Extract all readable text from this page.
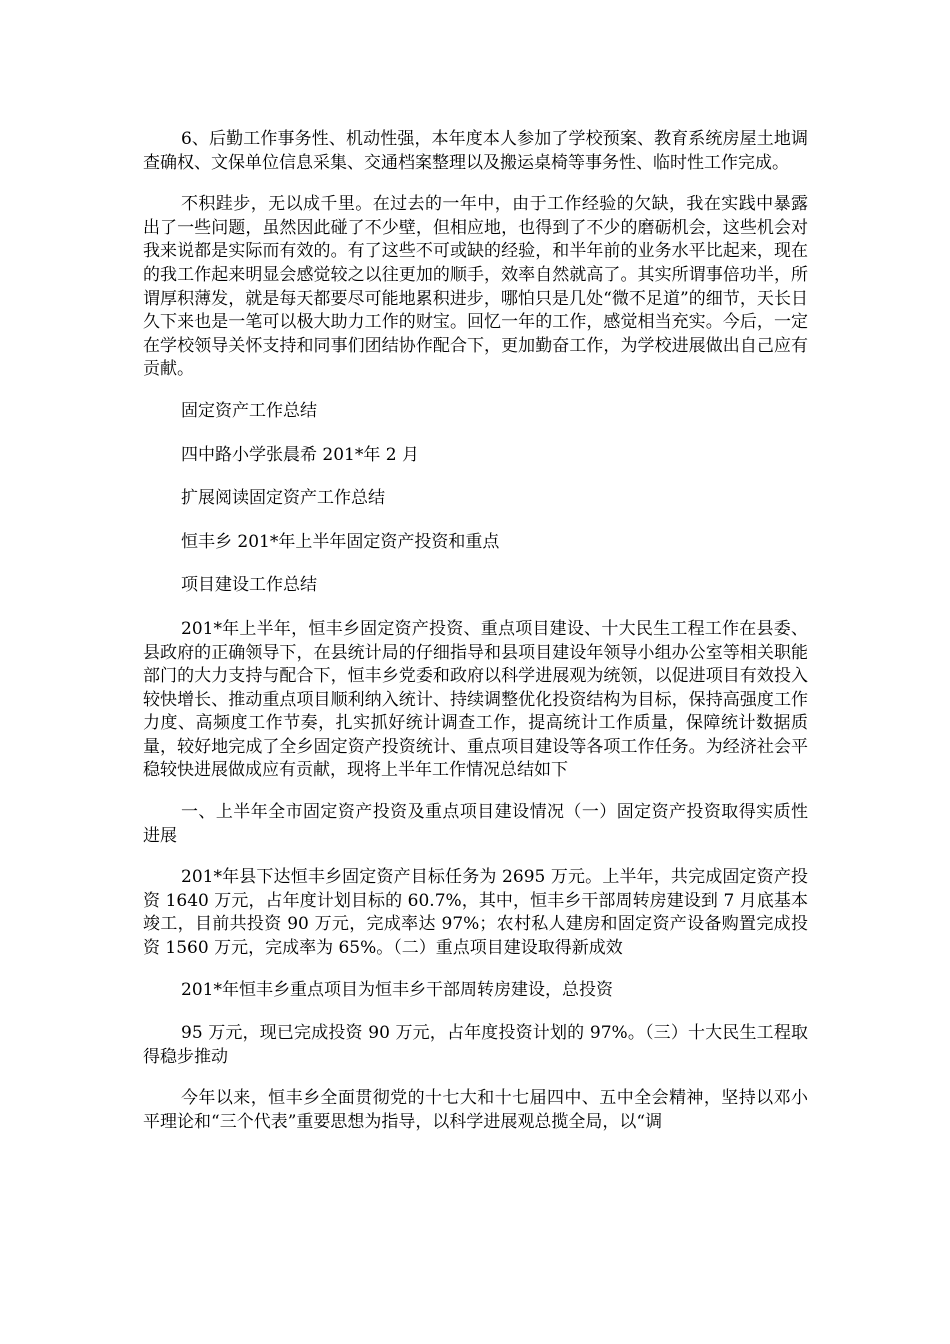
6、后勤工作事务性、机动性强，本年度本人参加了学校预案、教育系统房屋土地调查确权、文保单位信息采集、交通档案整理以及搬运桌椅等事务性、临时性工作完成。

不积跬步，无以成千里。在过去的一年中，由于工作经验的欠缺，我在实践中暴露出了一些问题，虽然因此碰了不少壁，但相应地，也得到了不少的磨砺机会，这些机会对我来说都是实际而有效的。有了这些不可或缺的经验，和半年前的业务水平比起来，现在的我工作起来明显会感觉较之以往更加的顺手，效率自然就高了。其实所谓事倍功半，所谓厚积薄发，就是每天都要尽可能地累积进步，哪怕只是几处“微不足道”的细节，天长日久下来也是一笔可以极大助力工作的财宝。回忆一年的工作，感觉相当充实。今后，一定在学校领导关怀支持和同事们团结协作配合下，更加勤奋工作，为学校进展做出自己应有贡献。

固定资产工作总结

四中路小学张晨希 201*年 2 月

扩展阅读固定资产工作总结

恒丰乡 201*年上半年固定资产投资和重点

项目建设工作总结

201*年上半年，恒丰乡固定资产投资、重点项目建设、十大民生工程工作在县委、县政府的正确领导下，在县统计局的仔细指导和县项目建设年领导小组办公室等相关职能部门的大力支持与配合下，恒丰乡党委和政府以科学进展观为统领，以促进项目有效投入较快增长、推动重点项目顺利纳入统计、持续调整优化投资结构为目标，保持高强度工作力度、高频度工作节奏，扎实抓好统计调查工作，提高统计工作质量，保障统计数据质量，较好地完成了全乡固定资产投资统计、重点项目建设等各项工作任务。为经济社会平稳较快进展做成应有贡献，现将上半年工作情况总结如下

一、上半年全市固定资产投资及重点项目建设情况（一）固定资产投资取得实质性进展

201*年县下达恒丰乡固定资产目标任务为 2695 万元。上半年，共完成固定资产投资 1640 万元，占年度计划目标的 60.7%，其中，恒丰乡干部周转房建设到 7 月底基本竣工，目前共投资 90 万元，完成率达 97%；农村私人建房和固定资产设备购置完成投资 1560 万元，完成率为 65%。（二）重点项目建设取得新成效

201*年恒丰乡重点项目为恒丰乡干部周转房建设，总投资

95 万元，现已完成投资 90 万元，占年度投资计划的 97%。（三）十大民生工程取得稳步推动

今年以来，恒丰乡全面贯彻党的十七大和十七届四中、五中全会精神，坚持以邓小平理论和“三个代表”重要思想为指导，以科学进展观总揽全局，以“调
